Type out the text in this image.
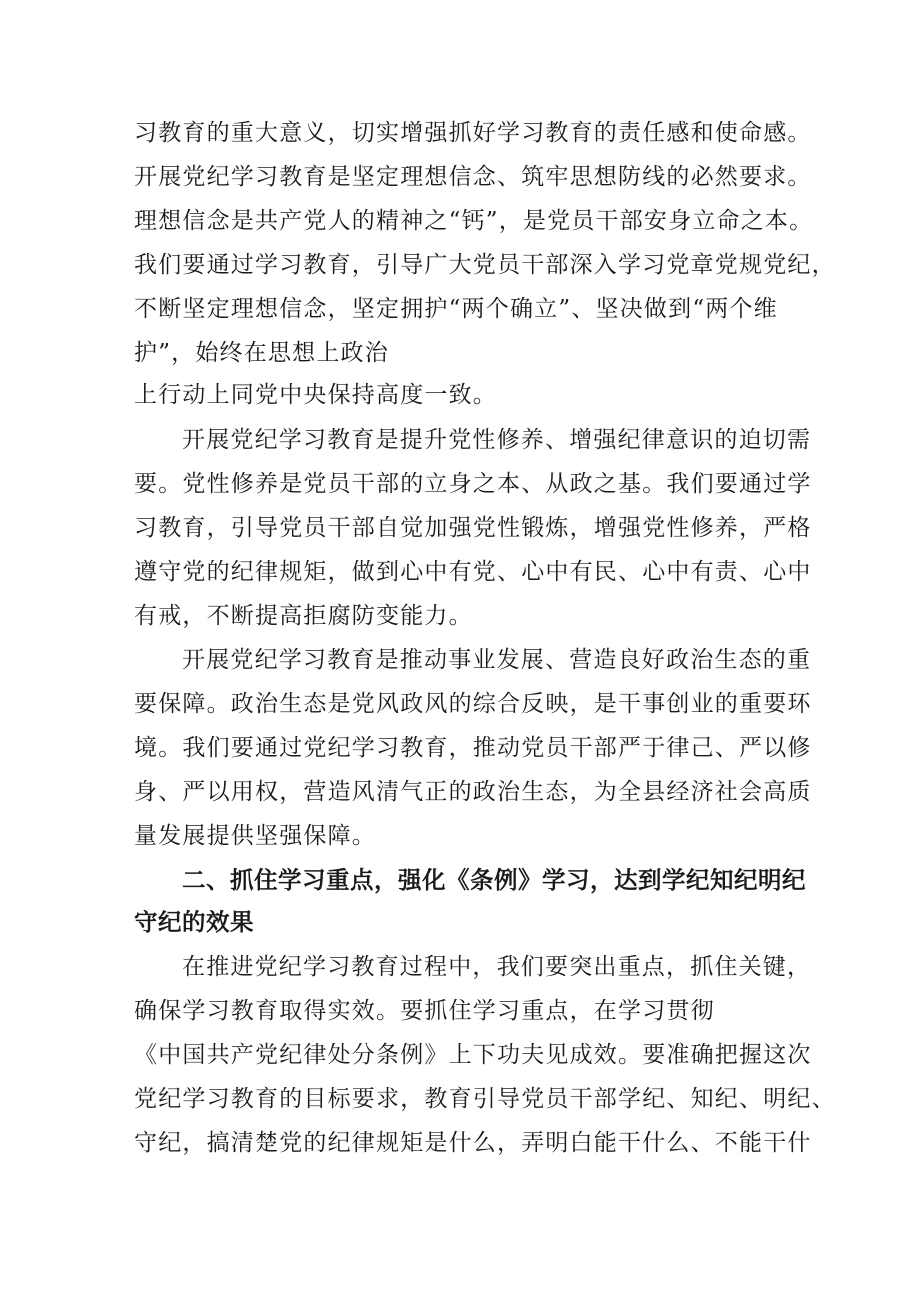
习教育的重大意义，切实增强抓好学习教育的责任感和使命感。
开展党纪学习教育是坚定理想信念、筑牢思想防线的必然要求。
理想信念是共产党人的精神之“钙”，是党员干部安身立命之本。
我们要通过学习教育，引导广大党员干部深入学习党章党规党纪，
不断坚定理想信念，坚定拥护“两个确立”、坚决做到“两个维
护”，始终在思想上政治
上行动上同党中央保持高度一致。
开展党纪学习教育是提升党性修养、增强纪律意识的迫切需
要。党性修养是党员干部的立身之本、从政之基。我们要通过学
习教育，引导党员干部自觉加强党性锻炼，增强党性修养，严格
遵守党的纪律规矩，做到心中有党、心中有民、心中有责、心中
有戒，不断提高拒腐防变能力。
开展党纪学习教育是推动事业发展、营造良好政治生态的重
要保障。政治生态是党风政风的综合反映，是干事创业的重要环
境。我们要通过党纪学习教育，推动党员干部严于律己、严以修
身、严以用权，营造风清气正的政治生态，为全县经济社会高质
量发展提供坚强保障。
二、抓住学习重点，强化《条例》学习，达到学纪知纪明纪
守纪的效果
在推进党纪学习教育过程中，我们要突出重点，抓住关键，
确保学习教育取得实效。要抓住学习重点，在学习贯彻
《中国共产党纪律处分条例》上下功夫见成效。要准确把握这次
党纪学习教育的目标要求，教育引导党员干部学纪、知纪、明纪、
守纪，搞清楚党的纪律规矩是什么，弄明白能干什么、不能干什
